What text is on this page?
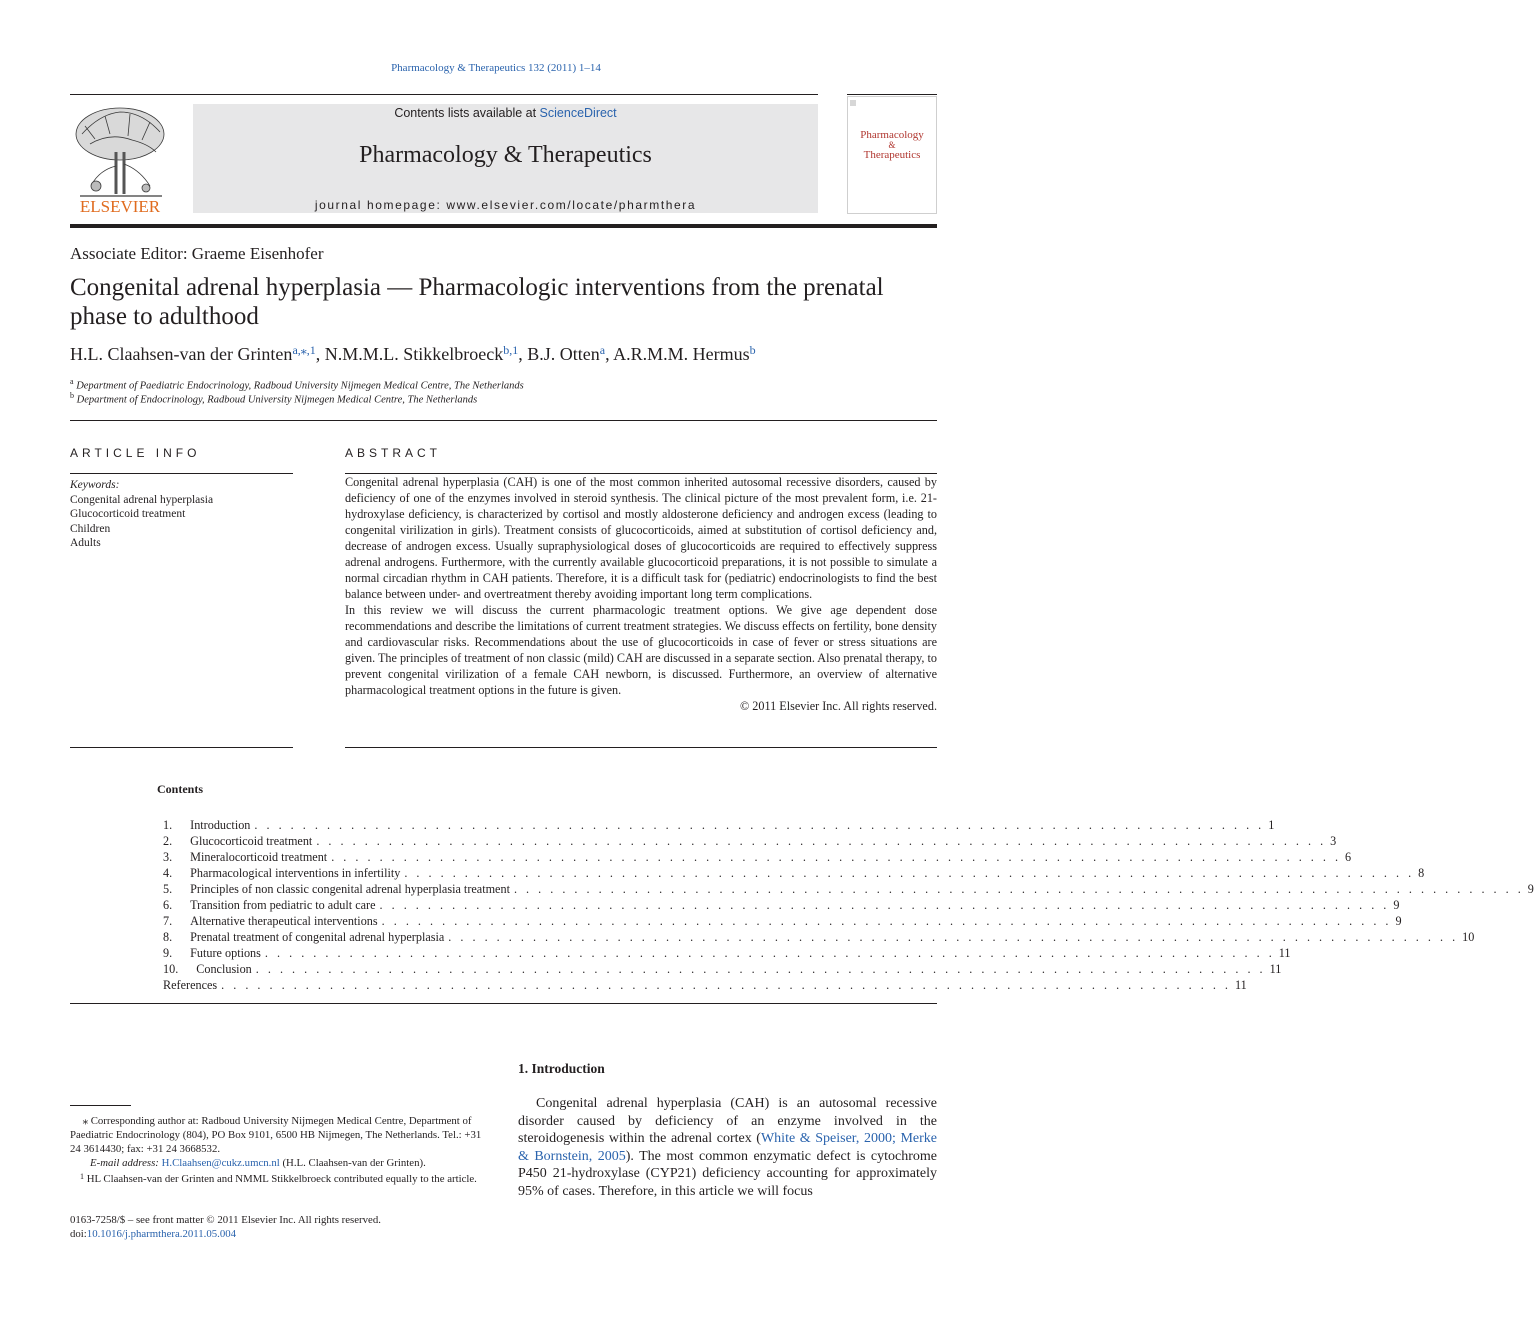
Pharmacology & Therapeutics 132 (2011) 1–14
ELSEVIER
Contents lists available at ScienceDirect
Pharmacology & Therapeutics
journal homepage: www.elsevier.com/locate/pharmthera
Pharmacology
&
Therapeutics
Associate Editor: Graeme Eisenhofer
Congenital adrenal hyperplasia — Pharmacologic interventions from the prenatal
phase to adulthood
H.L. Claahsen-van der Grinten$^{a,⁎,1}$, N.M.M.L. Stikkelbroeck$^{b,1}$, B.J. Otten$^a$, A.R.M.M. Hermus$^b$
$^a$ Department of Paediatric Endocrinology, Radboud University Nijmegen Medical Centre, The Netherlands
$^b$ Department of Endocrinology, Radboud University Nijmegen Medical Centre, The Netherlands
ARTICLE INFO
Keywords:
Congenital adrenal hyperplasia
Glucocorticoid treatment
Children
Adults
ABSTRACT

Congenital adrenal hyperplasia (CAH) is one of the most common inherited autosomal recessive disorders, caused by deficiency of one of the enzymes involved in steroid synthesis. The clinical picture of the most prevalent form, i.e. 21-hydroxylase deficiency, is characterized by cortisol and mostly aldosterone deficiency and androgen excess (leading to congenital virilization in girls). Treatment consists of glucocorticoids, aimed at substitution of cortisol deficiency and, decrease of androgen excess. Usually supraphysiological doses of glucocorticoids are required to effectively suppress adrenal androgens. Furthermore, with the currently available glucocorticoid preparations, it is not possible to simulate a normal circadian rhythm in CAH patients. Therefore, it is a difficult task for (pediatric) endocrinologists to find the best balance between under- and overtreatment thereby avoiding important long term complications.

In this review we will discuss the current pharmacologic treatment options. We give age dependent dose recommendations and describe the limitations of current treatment strategies. We discuss effects on fertility, bone density and cardiovascular risks. Recommendations about the use of glucocorticoids in case of fever or stress situations are given. The principles of treatment of non classic (mild) CAH are discussed in a separate section. Also prenatal therapy, to prevent congenital virilization of a female CAH newborn, is discussed. Furthermore, an overview of alternative pharmacological treatment options in the future is given.

© 2011 Elsevier Inc. All rights reserved.

Contents
1. Introduction . . . . . . . . . . . . . . . . . . . . . . . . . . . . . . . . . . . . . . . . . . . . . . . . . . . . . . . . . . . . . . . . . . . . . . . . . . . . . . . . . . . . 1
2. Glucocorticoid treatment . . . . . . . . . . . . . . . . . . . . . . . . . . . . . . . . . . . . . . . . . . . . . . . . . . . . . . . . . . . . . . . . . . . . . . . . . . . . . . . . . . . . 3
3. Mineralocorticoid treatment . . . . . . . . . . . . . . . . . . . . . . . . . . . . . . . . . . . . . . . . . . . . . . . . . . . . . . . . . . . . . . . . . . . . . . . . . . . . . . . . . . . . 6
4. Pharmacological interventions in infertility . . . . . . . . . . . . . . . . . . . . . . . . . . . . . . . . . . . . . . . . . . . . . . . . . . . . . . . . . . . . . . . . . . . . . . . . . . . . . . . . . . . . 8
5. Principles of non classic congenital adrenal hyperplasia treatment . . . . . . . . . . . . . . . . . . . . . . . . . . . . . . . . . . . . . . . . . . . . . . . . . . . . . . . . . . . . . . . . . . . . . . . . . . . . . . . . . . . . 9
6. Transition from pediatric to adult care . . . . . . . . . . . . . . . . . . . . . . . . . . . . . . . . . . . . . . . . . . . . . . . . . . . . . . . . . . . . . . . . . . . . . . . . . . . . . . . . . . . . 9
7. Alternative therapeutical interventions . . . . . . . . . . . . . . . . . . . . . . . . . . . . . . . . . . . . . . . . . . . . . . . . . . . . . . . . . . . . . . . . . . . . . . . . . . . . . . . . . . . . 9
8. Prenatal treatment of congenital adrenal hyperplasia . . . . . . . . . . . . . . . . . . . . . . . . . . . . . . . . . . . . . . . . . . . . . . . . . . . . . . . . . . . . . . . . . . . . . . . . . . . . . . . . . . . . 10
9. Future options . . . . . . . . . . . . . . . . . . . . . . . . . . . . . . . . . . . . . . . . . . . . . . . . . . . . . . . . . . . . . . . . . . . . . . . . . . . . . . . . . . . . 11
10. Conclusion . . . . . . . . . . . . . . . . . . . . . . . . . . . . . . . . . . . . . . . . . . . . . . . . . . . . . . . . . . . . . . . . . . . . . . . . . . . . . . . . . . . . 11
References . . . . . . . . . . . . . . . . . . . . . . . . . . . . . . . . . . . . . . . . . . . . . . . . . . . . . . . . . . . . . . . . . . . . . . . . . . . . . . . . . . . . 11
1. Introduction
Congenital adrenal hyperplasia (CAH) is an autosomal recessive disorder caused by deficiency of an enzyme involved in the steroidogenesis within the adrenal cortex (White & Speiser, 2000; Merke & Bornstein, 2005). The most common enzymatic defect is cytochrome P450 21-hydroxylase (CYP21) deficiency accounting for approximately 95% of cases. Therefore, in this article we will focus
⁎ Corresponding author at: Radboud University Nijmegen Medical Centre, Department of Paediatric Endocrinology (804), PO Box 9101, 6500 HB Nijmegen, The Netherlands. Tel.: +31 24 3614430; fax: +31 24 3668532.
E-mail address: H.Claahsen@cukz.umcn.nl (H.L. Claahsen-van der Grinten).
1 HL Claahsen-van der Grinten and NMML Stikkelbroeck contributed equally to the article.
0163-7258/$ – see front matter © 2011 Elsevier Inc. All rights reserved.
doi:10.1016/j.pharmthera.2011.05.004
